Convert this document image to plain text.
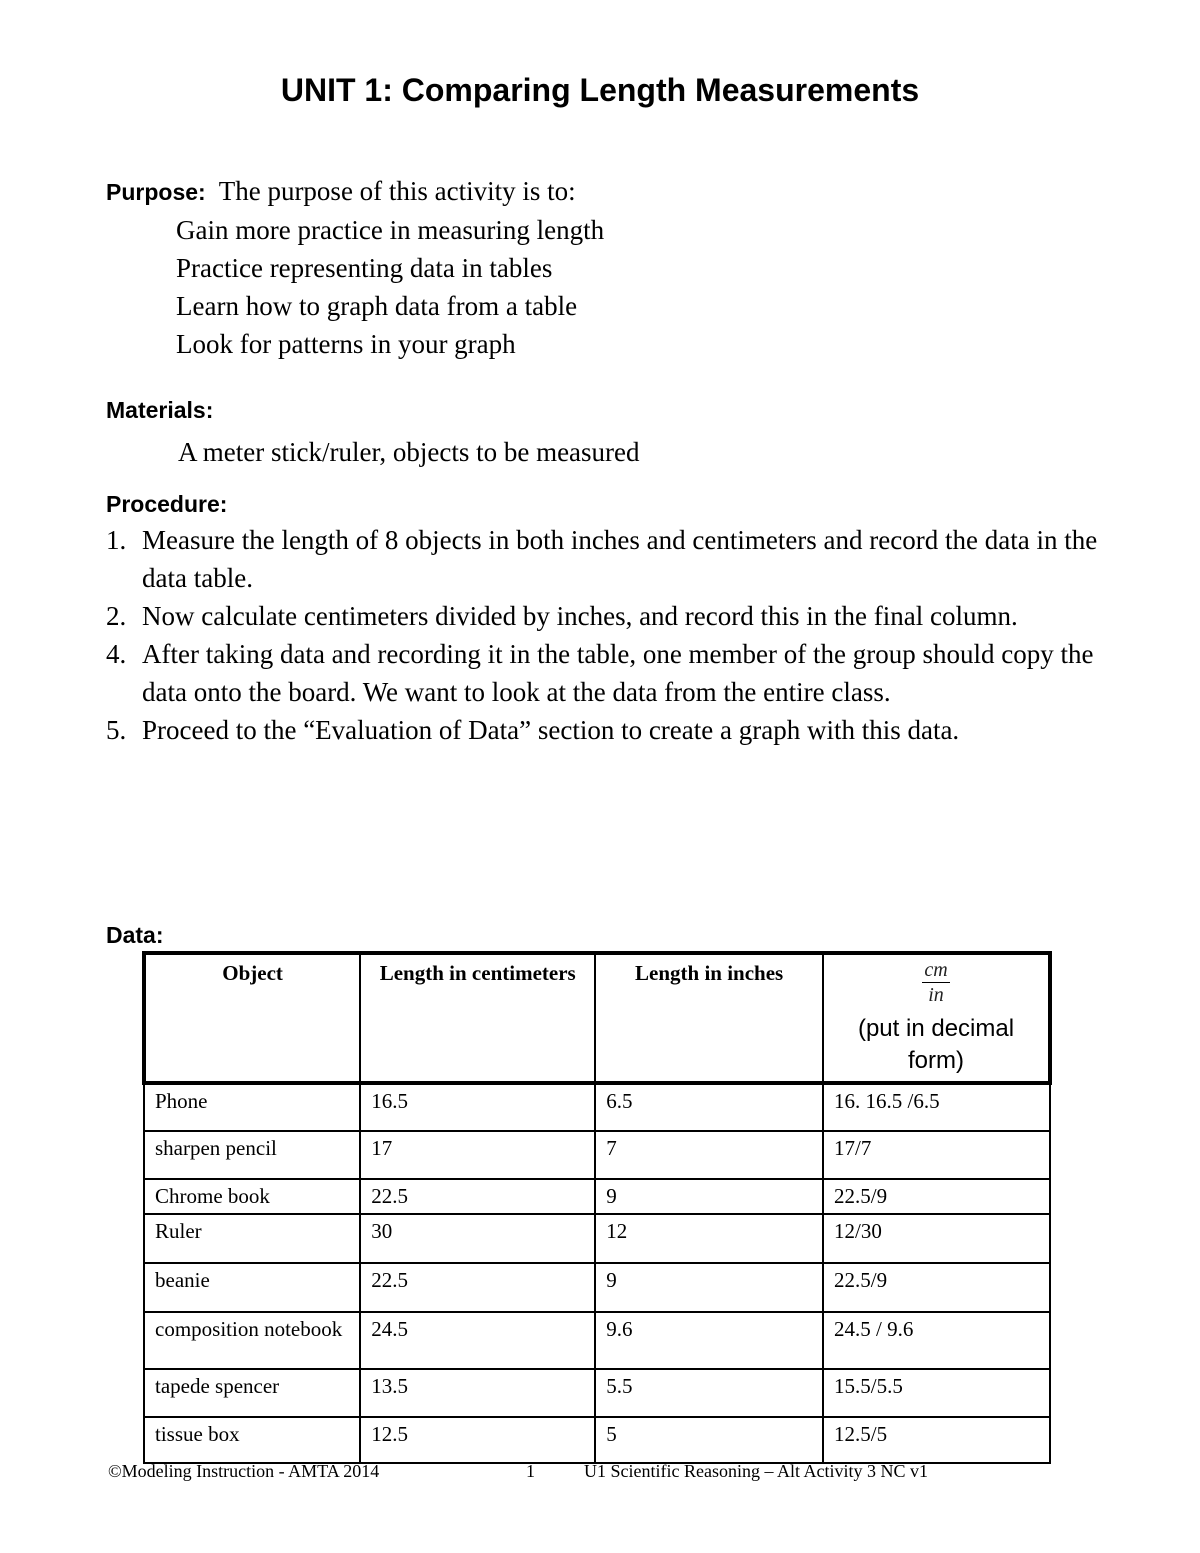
UNIT 1: Comparing Length Measurements
Purpose: The purpose of this activity is to:
Gain more practice in measuring length
Practice representing data in tables
Learn how to graph data from a table
Look for patterns in your graph
Materials:
A meter stick/ruler, objects to be measured
Procedure:
1. Measure the length of 8 objects in both inches and centimeters and record the data in the data table.
2. Now calculate centimeters divided by inches, and record this in the final column.
4. After taking data and recording it in the table, one member of the group should copy the data onto the board. We want to look at the data from the entire class.
5. Proceed to the “Evaluation of Data” section to create a graph with this data.
Data:
Object	Length in centimeters	Length in inches	$\frac{cm}{in}$
(put in decimal form)

Phone	16.5	6.5	16. 16.5 /6.5
sharpen pencil	17	7	17/7
Chrome book	22.5	9	22.5/9
Ruler	30	12	12/30
beanie	22.5	9	22.5/9
composition notebook	24.5	9.6	24.5 / 9.6
tapede spencer	13.5	5.5	15.5/5.5
tissue box	12.5	5	12.5/5
©Modeling Instruction - AMTA 2014	1	U1 Scientific Reasoning – Alt Activity 3 NC v1
